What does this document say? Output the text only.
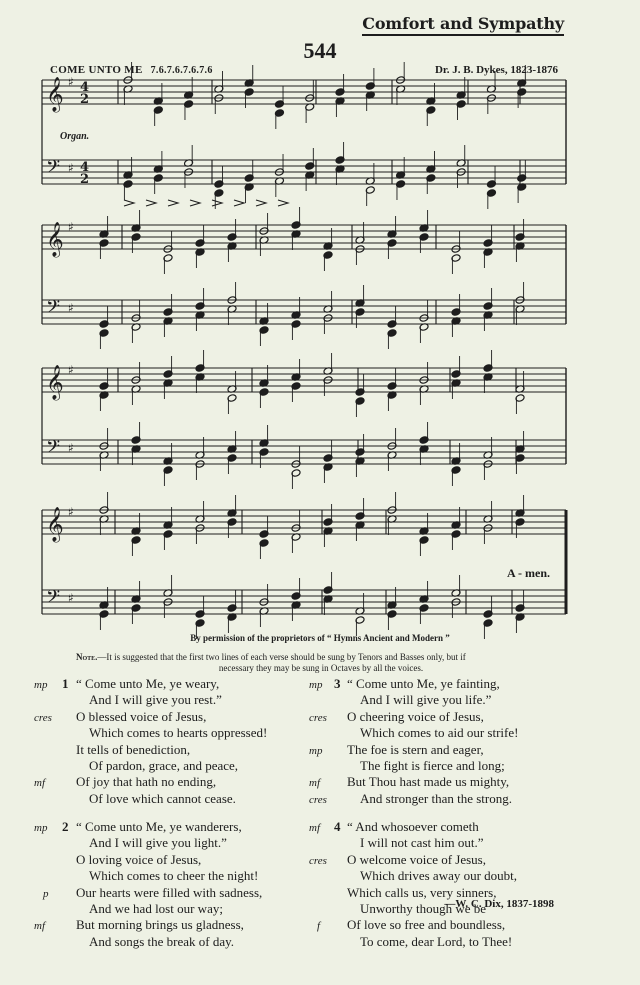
Comfort and Sympathy
544
COME UNTO ME 7.6.7.6.7.6.7.6	Dr. J. B. Dykes, 1823-1876
𝄞 ♯ 4
2
𝄢 ♯ 4
2
𝄞 ♯
𝄢 ♯
𝄞 ♯
𝄢 ♯
𝄞 ♯
𝄢 ♯
Organ.
A - men.
By permission of the proprietors of “ Hymns Ancient and Modern ”
Note.—It is suggested that the first two lines of each verse should be sung by Tenors and Basses only, but if
necessary they may be sung in Octaves by all the voices.
1
mp “ Come unto Me, ye weary,
And I will give you rest.”
cres O blessed voice of Jesus,
Which comes to hearts oppressed!
It tells of benediction,
Of pardon, grace, and peace,
mf Of joy that hath no ending,
Of love which cannot cease.
2
mp “ Come unto Me, ye wanderers,
And I will give you light.”
O loving voice of Jesus,
Which comes to cheer the night!
p Our hearts were filled with sadness,
And we had lost our way;
mf But morning brings us gladness,
And songs the break of day.
3
mp “ Come unto Me, ye fainting,
And I will give you life.”
cres O cheering voice of Jesus,
Which comes to aid our strife!
mp The foe is stern and eager,
The fight is fierce and long;
mf But Thou hast made us mighty,
cres	And stronger than the strong.
4
mf “ And whosoever cometh
I will not cast him out.”
cres O welcome voice of Jesus,
Which drives away our doubt,
Which calls us, very sinners,
Unworthy though we be
f Of love so free and boundless,
To come, dear Lord, to Thee!
—W. C. Dix, 1837-1898
